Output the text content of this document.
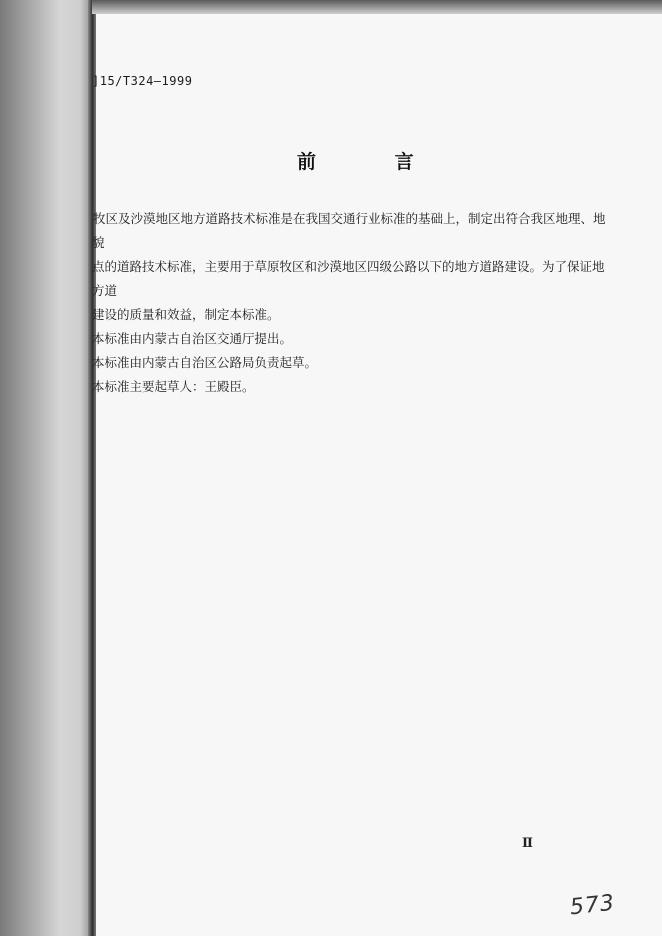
]15/T324—1999

前 言

牧区及沙漠地区地方道路技术标准是在我国交通行业标准的基础上，制定出符合我区地理、地貌

点的道路技术标准，主要用于草原牧区和沙漠地区四级公路以下的地方道路建设。为了保证地方道

建设的质量和效益，制定本标准。

本标准由内蒙古自治区交通厅提出。

本标准由内蒙古自治区公路局负责起草。

本标准主要起草人：王殿臣。

Ⅱ
573
